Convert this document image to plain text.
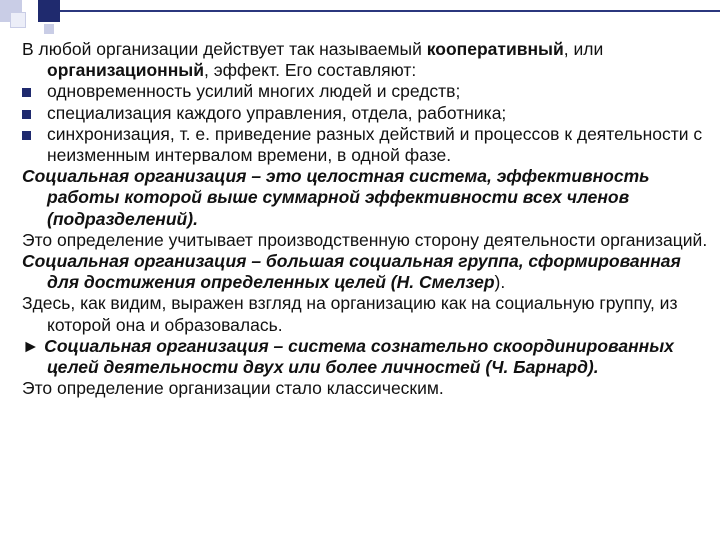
В любой организации действует так называемый кооперативный, или организационный, эффект. Его составляют:

одновременность усилий многих людей и средств;

специализация каждого управления, отдела, работника;

синхронизация, т. е. приведение разных действий и процессов к деятельности с неизменным интервалом времени, в одной фазе.

Социальная организация – это целостная система, эффективность работы которой выше суммарной эффективности всех членов (подразделений).

Это определение учитывает производственную сторону деятельности организаций.

Социальная организация – большая социальная группа, сформированная для достижения определенных целей (Н. Смелзер).

Здесь, как видим, выражен взгляд на организацию как на социальную группу, из которой она и образовалась.

► Социальная организация – система сознательно скоординированных целей деятельности двух или более личностей (Ч. Барнард).

Это определение организации стало классическим.
